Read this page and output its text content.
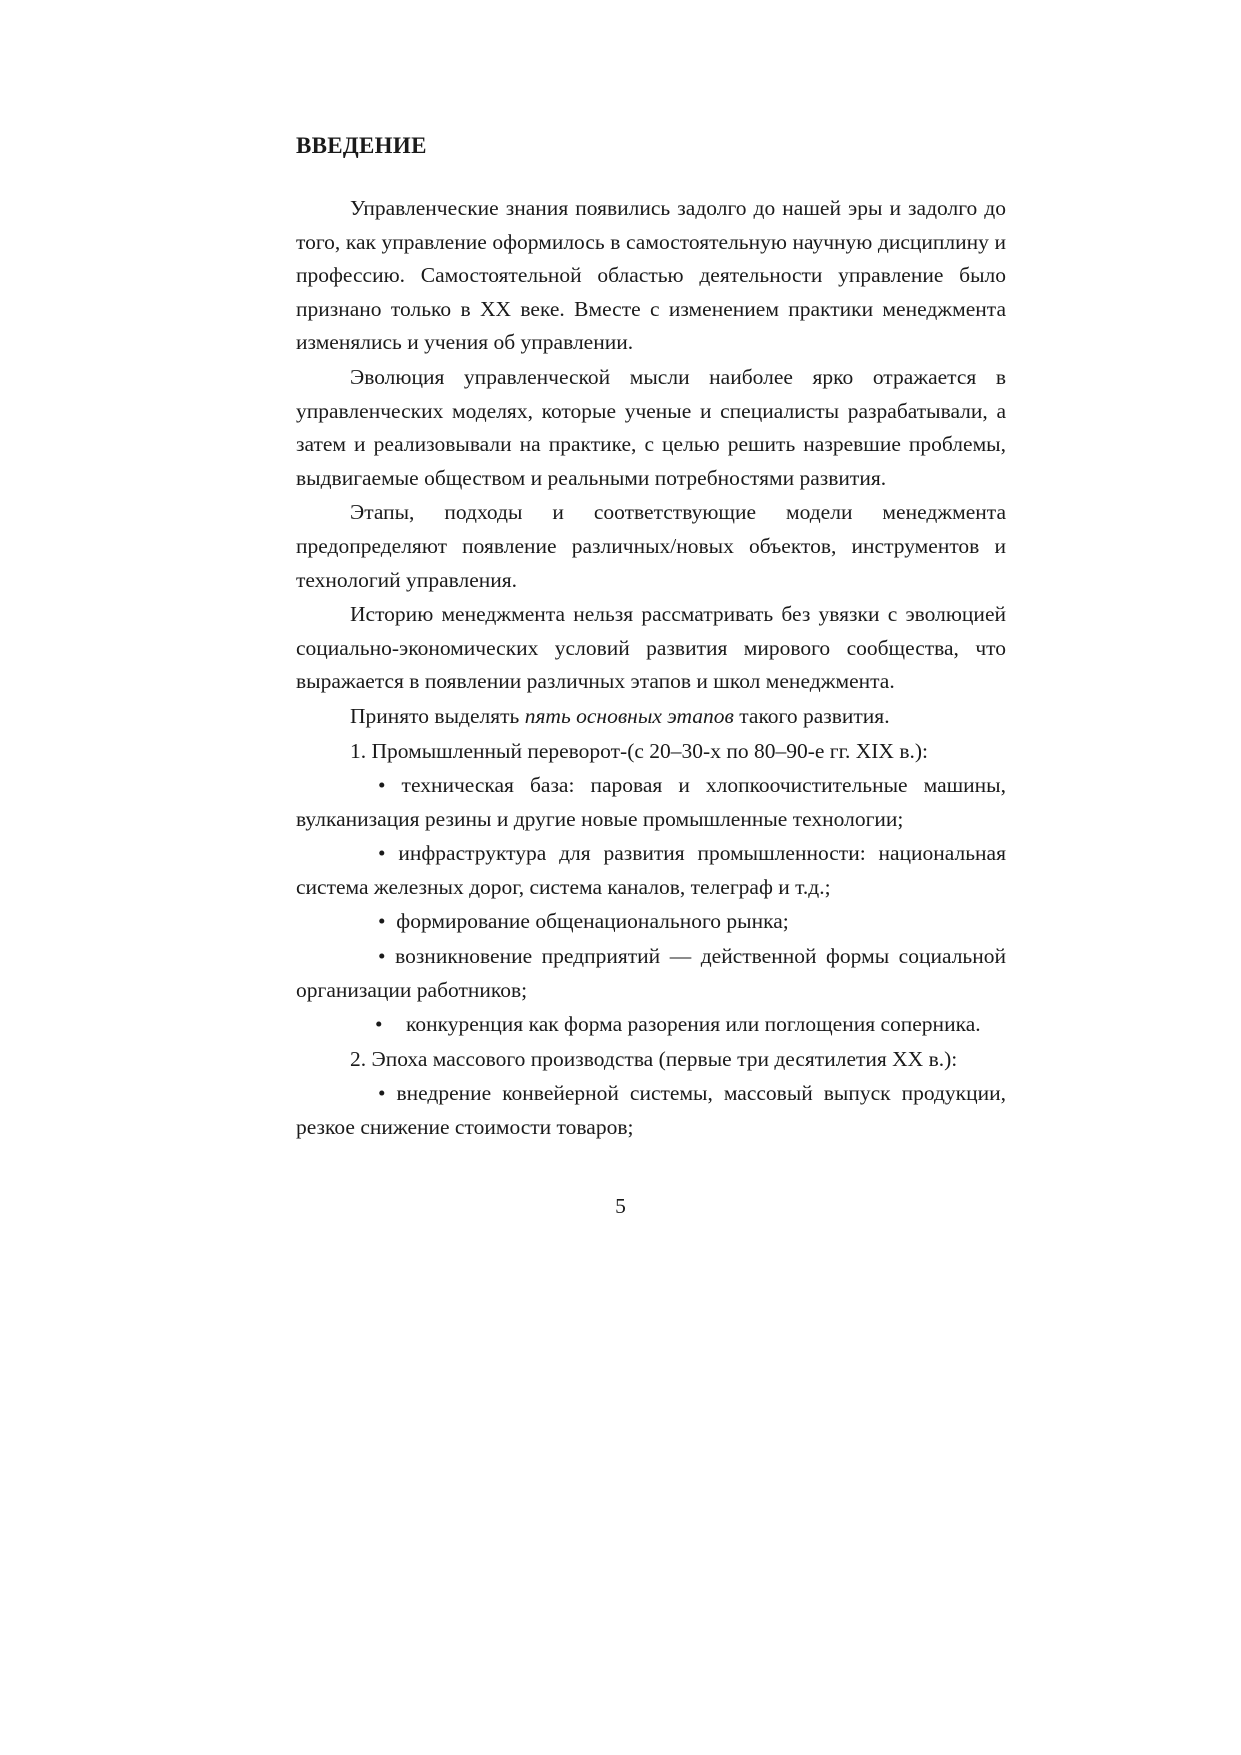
ВВЕДЕНИЕ

Управленческие знания появились задолго до нашей эры и задолго до того, как управление оформилось в самостоятельную научную дисциплину и профессию. Самостоятельной областью деятельности управление было признано только в XX веке. Вместе с изменением практики менеджмента изменялись и учения об управлении.

Эволюция управленческой мысли наиболее ярко отражается в управленческих моделях, которые ученые и специалисты разрабатывали, а затем и реализовывали на практике, с целью решить назревшие проблемы, выдвигаемые обществом и реальными потребностями развития.

Этапы, подходы и соответствующие модели менеджмента предопределяют появление различных/новых объектов, инструментов и технологий управления.

Историю менеджмента нельзя рассматривать без увязки с эволюцией социально-экономических условий развития мирового сообщества, что выражается в появлении различных этапов и школ менеджмента.

Принято выделять пять основных этапов такого развития.

1. Промышленный переворот-(с 20–30-х по 80–90-е гг. XIX в.):

• техническая база: паровая и хлопкоочистительные машины, вулканизация резины и другие новые промышленные технологии;

• инфраструктура для развития промышленности: национальная система железных дорог, система каналов, телеграф и т.д.;

• формирование общенационального рынка;

• возникновение предприятий — действенной формы социальной организации работников;

• конкуренция как форма разорения или поглощения соперника.

2. Эпоха массового производства (первые три десятилетия XX в.):

• внедрение конвейерной системы, массовый выпуск продукции, резкое снижение стоимости товаров;

5
